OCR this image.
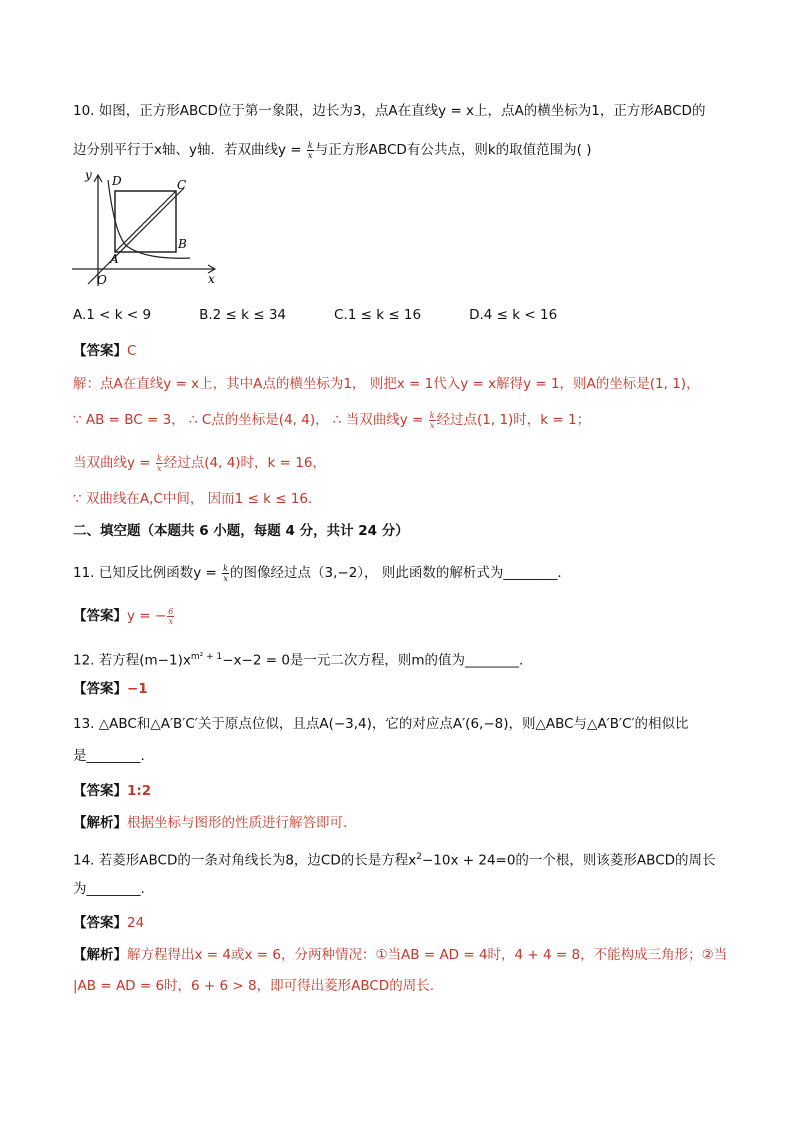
10. 如图，正方形ABCD位于第一象限，边长为3，点A在直线y = x上，点A的横坐标为1，正方形ABCD的
边分别平行于x轴、y轴．若双曲线$y = \frac{k}{x}$ 与正方形ABCD有公共点，则k的取值范围为( )
y
x
O
A
B
C
D
A.1 < k < 9	B.2 ≤ k ≤ 34	C.1 ≤ k ≤ 16	D.4 ≤ k < 16
【答案】C
解：点A在直线y = x上，其中A点的横坐标为1， 则把x = 1代入y = x解得y = 1，则A的坐标是(1, 1)，
∵ AB = BC = 3， ∴ C点的坐标是(4, 4)， ∴ 当双曲线$y = \frac{k}{x}$ 经过点(1, 1)时，k = 1；
当双曲线$y = \frac{k}{x}$ 经过点(4, 4)时，k = 16，
∵ 双曲线在A,C中间， 因而1 ≤ k ≤ 16.
二、填空题（本题共 6 小题，每题 4 分，共计 24 分）
11. 已知反比例函数$y = \frac{k}{x}$ 的图像经过点（3,−2）， 则此函数的解析式为________.
【答案】y = − $\frac{6}{x}$
12. 若方程$(m-1)x^{m^2 + 1}-x-2 = 0$是一元二次方程，则m的值为________.
【答案】−1
13. △ABC和△A′B′C′关于原点位似，且点A(−3,4)，它的对应点A′(6,−8)，则△ABC与△A′B′C′的相似比
是________.
【答案】1:2
【解析】根据坐标与图形的性质进行解答即可.
14. 若菱形ABCD的一条对角线长为8，边CD的长是方程$x^2-10x + 24=0$的一个根，则该菱形ABCD的周长
为________.
【答案】24
【解析】解方程得出x = 4或x = 6，分两种情况：①当AB = AD = 4时，4 + 4 = 8，不能构成三角形；②当
|AB = AD = 6时，6 + 6 > 8，即可得出菱形ABCD的周长.
